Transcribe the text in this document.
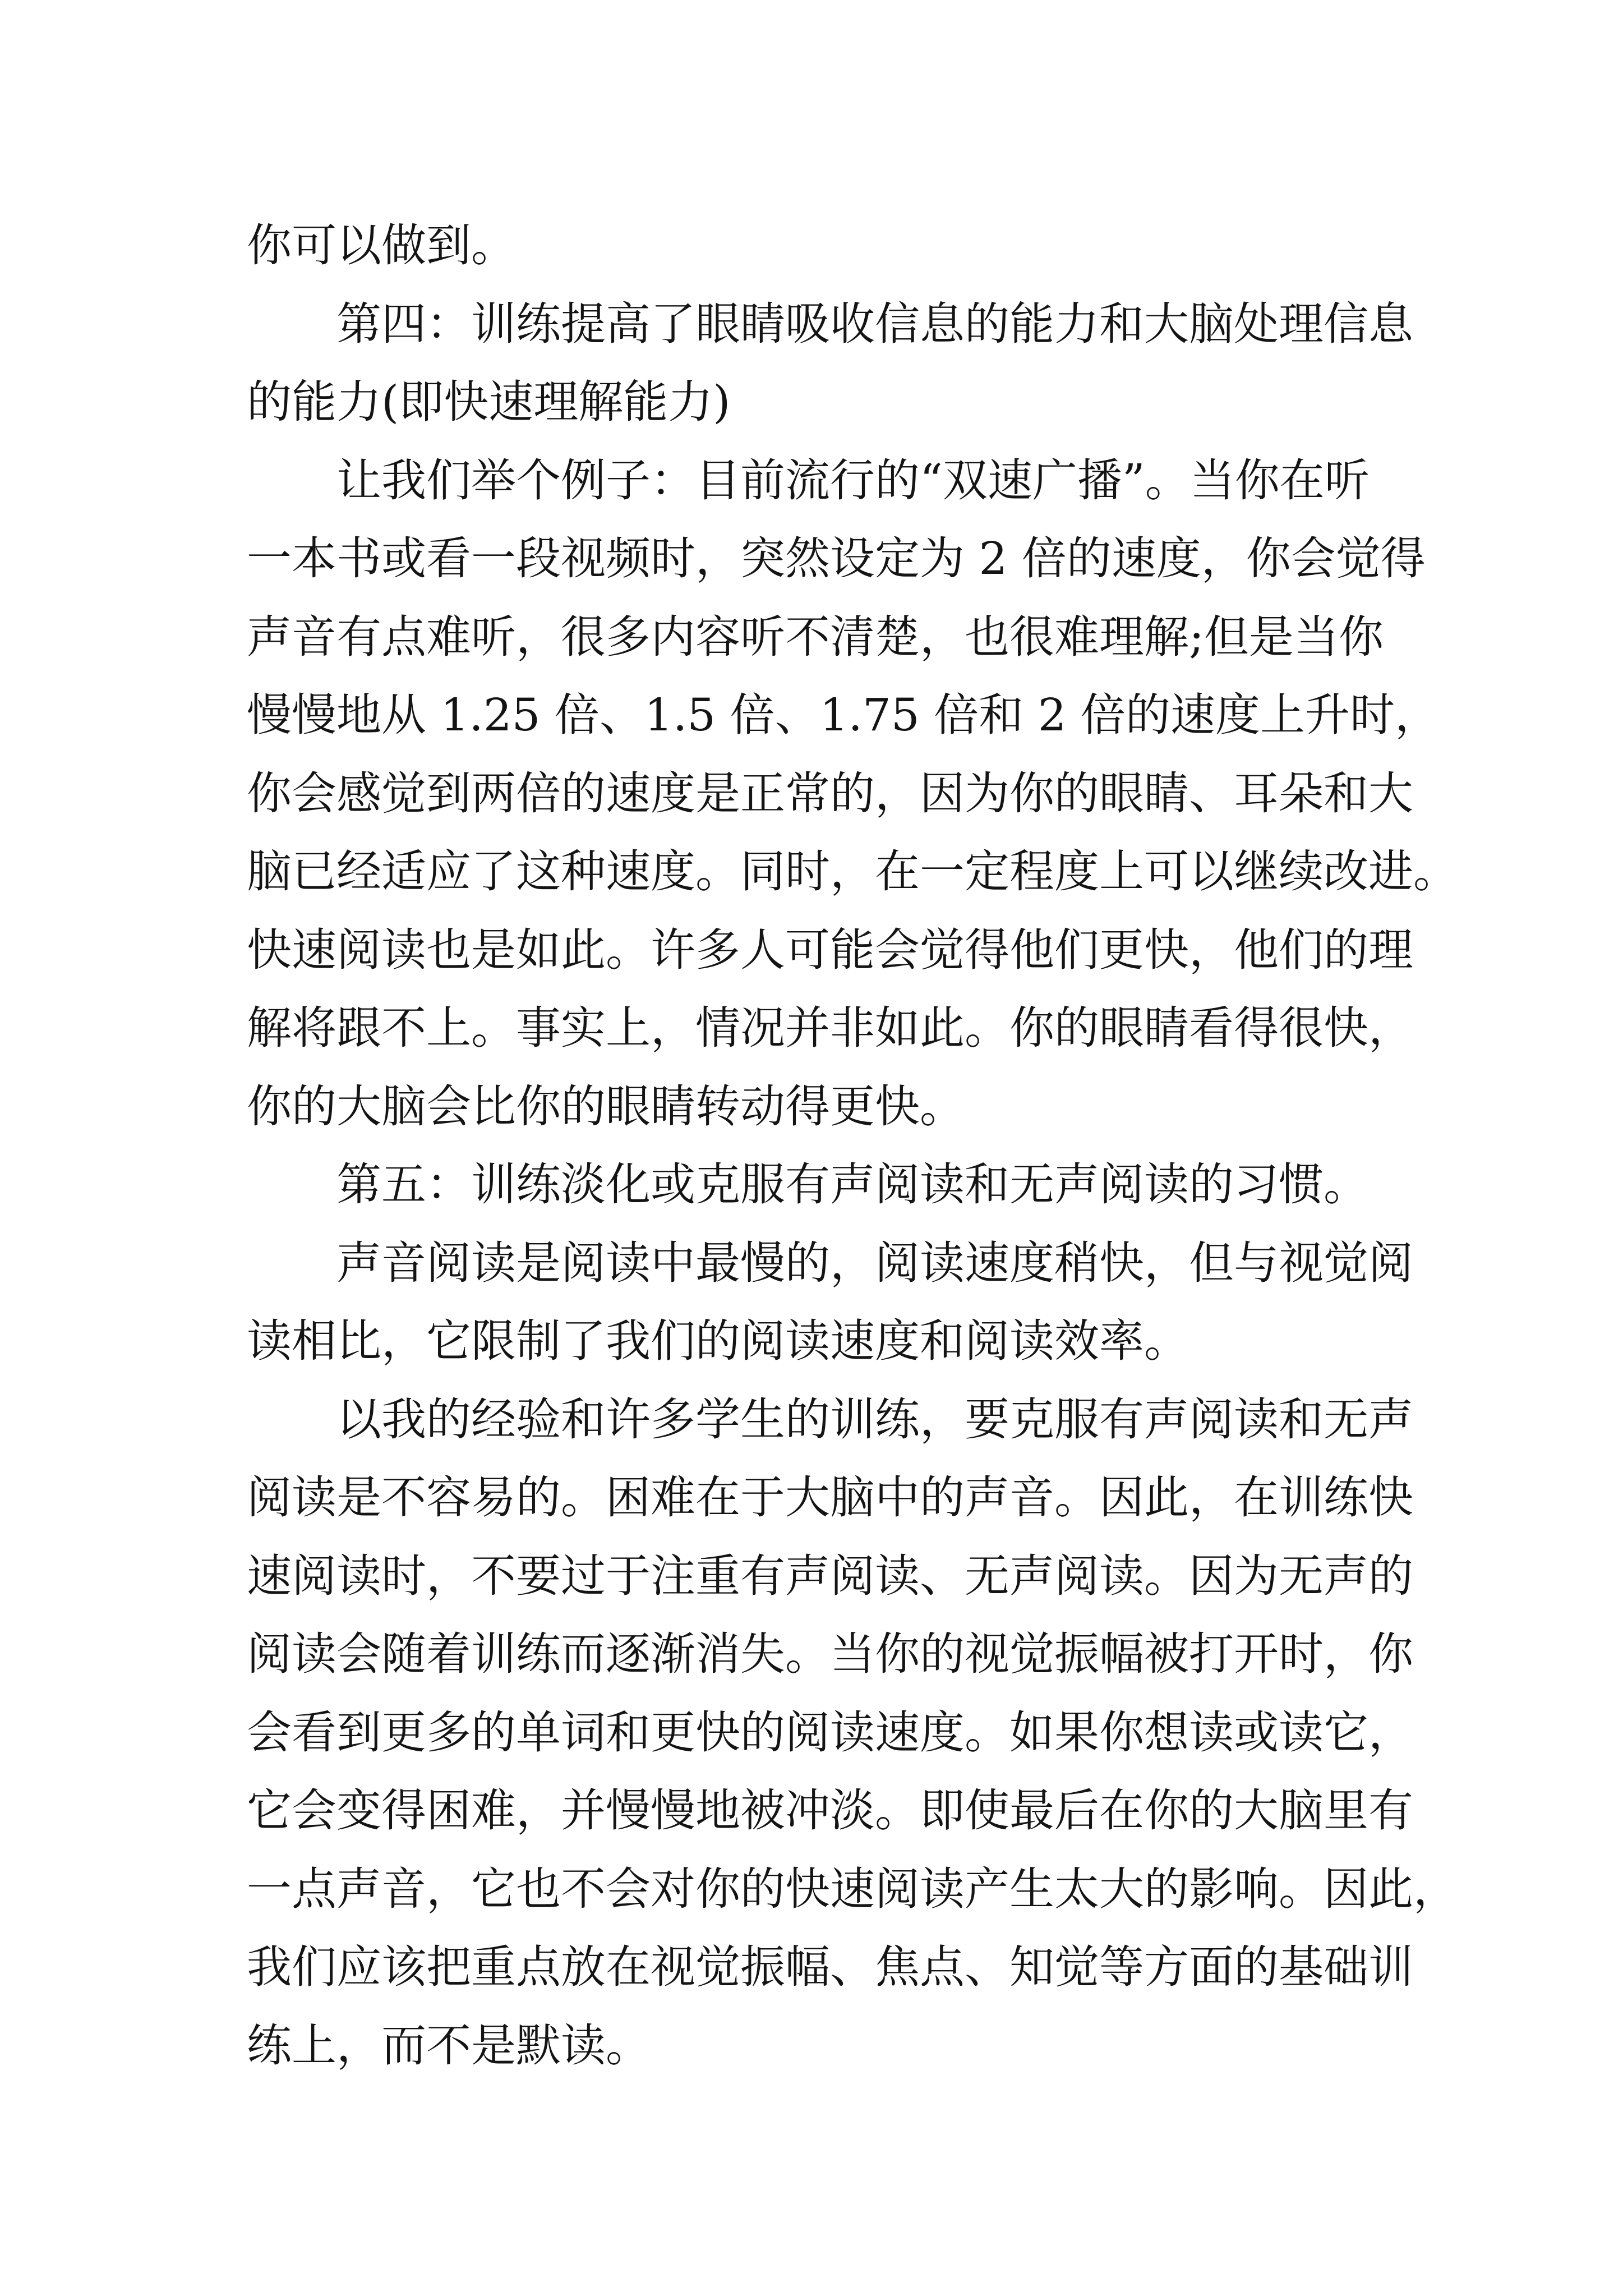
你可以做到。
第四：训练提高了眼睛吸收信息的能力和大脑处理信息
的能力(即快速理解能力)
让我们举个例子：目前流行的“双速广播”。当你在听
一本书或看一段视频时，突然设定为 2 倍的速度，你会觉得
声音有点难听，很多内容听不清楚，也很难理解;但是当你
慢慢地从 1.25 倍、1.5 倍、1.75 倍和 2 倍的速度上升时，
你会感觉到两倍的速度是正常的，因为你的眼睛、耳朵和大
脑已经适应了这种速度。同时，在一定程度上可以继续改进。
快速阅读也是如此。许多人可能会觉得他们更快，他们的理
解将跟不上。事实上，情况并非如此。你的眼睛看得很快，
你的大脑会比你的眼睛转动得更快。
第五：训练淡化或克服有声阅读和无声阅读的习惯。
声音阅读是阅读中最慢的，阅读速度稍快，但与视觉阅
读相比，它限制了我们的阅读速度和阅读效率。
以我的经验和许多学生的训练，要克服有声阅读和无声
阅读是不容易的。困难在于大脑中的声音。因此，在训练快
速阅读时，不要过于注重有声阅读、无声阅读。因为无声的
阅读会随着训练而逐渐消失。当你的视觉振幅被打开时，你
会看到更多的单词和更快的阅读速度。如果你想读或读它，
它会变得困难，并慢慢地被冲淡。即使最后在你的大脑里有
一点声音，它也不会对你的快速阅读产生太大的影响。因此，
我们应该把重点放在视觉振幅、焦点、知觉等方面的基础训
练上，而不是默读。
